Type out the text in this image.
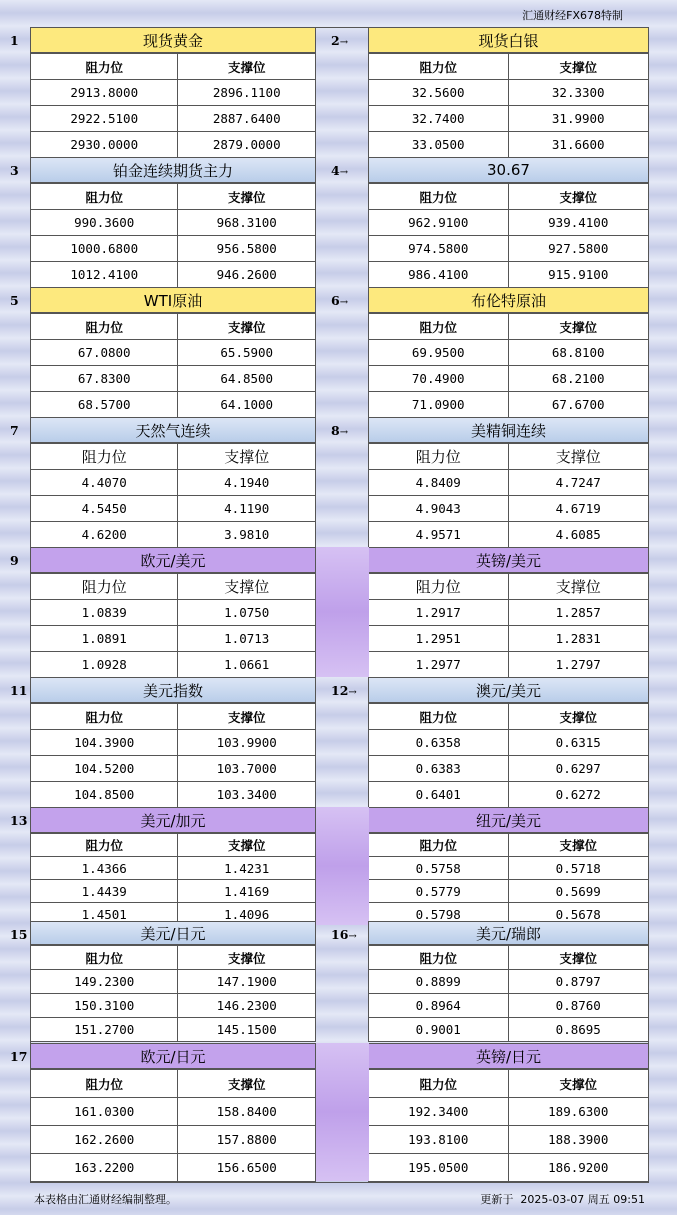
汇通财经FX678特制
1	现货黄金
阻力位	支撑位
2913.8000	2896.1100
2922.5100	2887.6400
2930.0000	2879.0000
2→	现货白银
阻力位	支撑位
32.5600	32.3300
32.7400	31.9900
33.0500	31.6600
3	铂金连续期货主力
阻力位	支撑位
990.3600	968.3100
1000.6800	956.5800
1012.4100	946.2600
4→	30.67
阻力位	支撑位
962.9100	939.4100
974.5800	927.5800
986.4100	915.9100
5	WTI原油
阻力位	支撑位
67.0800	65.5900
67.8300	64.8500
68.5700	64.1000
6→	布伦特原油
阻力位	支撑位
69.9500	68.8100
70.4900	68.2100
71.0900	67.6700
7	天然气连续
阻力位	支撑位
4.4070	4.1940
4.5450	4.1190
4.6200	3.9810
8→	美精铜连续
阻力位	支撑位
4.8409	4.7247
4.9043	4.6719
4.9571	4.6085
9	欧元/美元
阻力位	支撑位
1.0839	1.0750
1.0891	1.0713
1.0928	1.0661
英镑/美元
阻力位	支撑位
1.2917	1.2857
1.2951	1.2831
1.2977	1.2797
11	美元指数
阻力位	支撑位
104.3900	103.9900
104.5200	103.7000
104.8500	103.3400
12→	澳元/美元
阻力位	支撑位
0.6358	0.6315
0.6383	0.6297
0.6401	0.6272
13	美元/加元
阻力位	支撑位
1.4366	1.4231
1.4439	1.4169
1.4501	1.4096
纽元/美元
阻力位	支撑位
0.5758	0.5718
0.5779	0.5699
0.5798	0.5678
15	美元/日元
阻力位	支撑位
149.2300	147.1900
150.3100	146.2300
151.2700	145.1500
16→	美元/瑞郎
阻力位	支撑位
0.8899	0.8797
0.8964	0.8760
0.9001	0.8695
17	欧元/日元
阻力位	支撑位
161.0300	158.8400
162.2600	157.8800
163.2200	156.6500
英镑/日元
阻力位	支撑位
192.3400	189.6300
193.8100	188.3900
195.0500	186.9200
本表格由汇通财经编制整理。	更新于 2025-03-07 周五 09:51
